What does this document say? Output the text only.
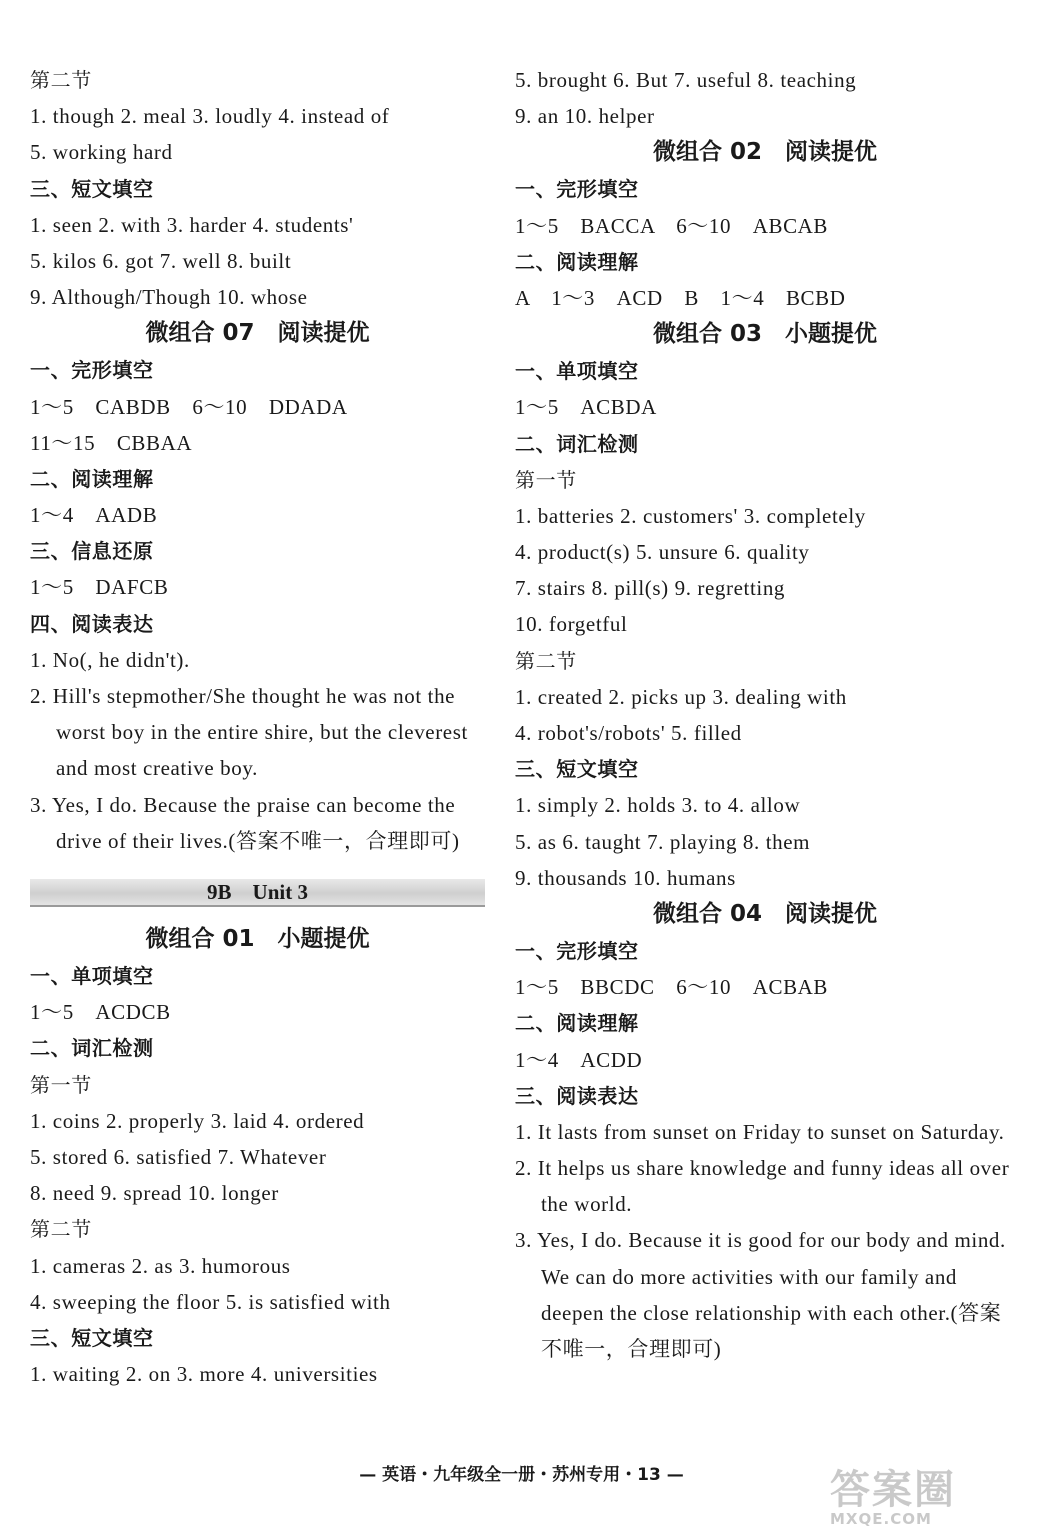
第二节
1. though 2. meal 3. loudly 4. instead of
5. working hard
三、短文填空
1. seen 2. with 3. harder 4. students'
5. kilos 6. got 7. well 8. built
9. Although/Though 10. whose
微组合 07　阅读提优
一、完形填空
1～5　CABDB　6～10　DDADA
11～15　CBBAA
二、阅读理解
1～4　AADB
三、信息还原
1～5　DAFCB
四、阅读表达
1. No(, he didn't).
2. Hill's stepmother/She thought he was not the worst boy in the entire shire, but the cleverest and most creative boy.
3. Yes, I do. Because the praise can become the drive of their lives.(答案不唯一，合理即可)
9B　Unit 3
微组合 01　小题提优
一、单项填空
1～5　ACDCB
二、词汇检测
第一节
1. coins 2. properly 3. laid 4. ordered
5. stored 6. satisfied 7. Whatever
8. need 9. spread 10. longer
第二节
1. cameras 2. as 3. humorous
4. sweeping the floor 5. is satisfied with
三、短文填空
1. waiting 2. on 3. more 4. universities
5. brought 6. But 7. useful 8. teaching
9. an 10. helper
微组合 02　阅读提优
一、完形填空
1～5　BACCA　6～10　ABCAB
二、阅读理解
A　1～3　ACD　B　1～4　BCBD
微组合 03　小题提优
一、单项填空
1～5　ACBDA
二、词汇检测
第一节
1. batteries 2. customers' 3. completely
4. product(s) 5. unsure 6. quality
7. stairs 8. pill(s) 9. regretting
10. forgetful
第二节
1. created 2. picks up 3. dealing with
4. robot's/robots' 5. filled
三、短文填空
1. simply 2. holds 3. to 4. allow
5. as 6. taught 7. playing 8. them
9. thousands 10. humans
微组合 04　阅读提优
一、完形填空
1～5　BBCDC　6～10　ACBAB
二、阅读理解
1～4　ACDD
三、阅读表达
1. It lasts from sunset on Friday to sunset on Saturday.
2. It helps us share knowledge and funny ideas all over the world.
3. Yes, I do. Because it is good for our body and mind. We can do more activities with our family and deepen the close relationship with each other.(答案不唯一，合理即可)
— 英语・九年级全一册・苏州专用・13 —	答案圈
MXQE.COM
